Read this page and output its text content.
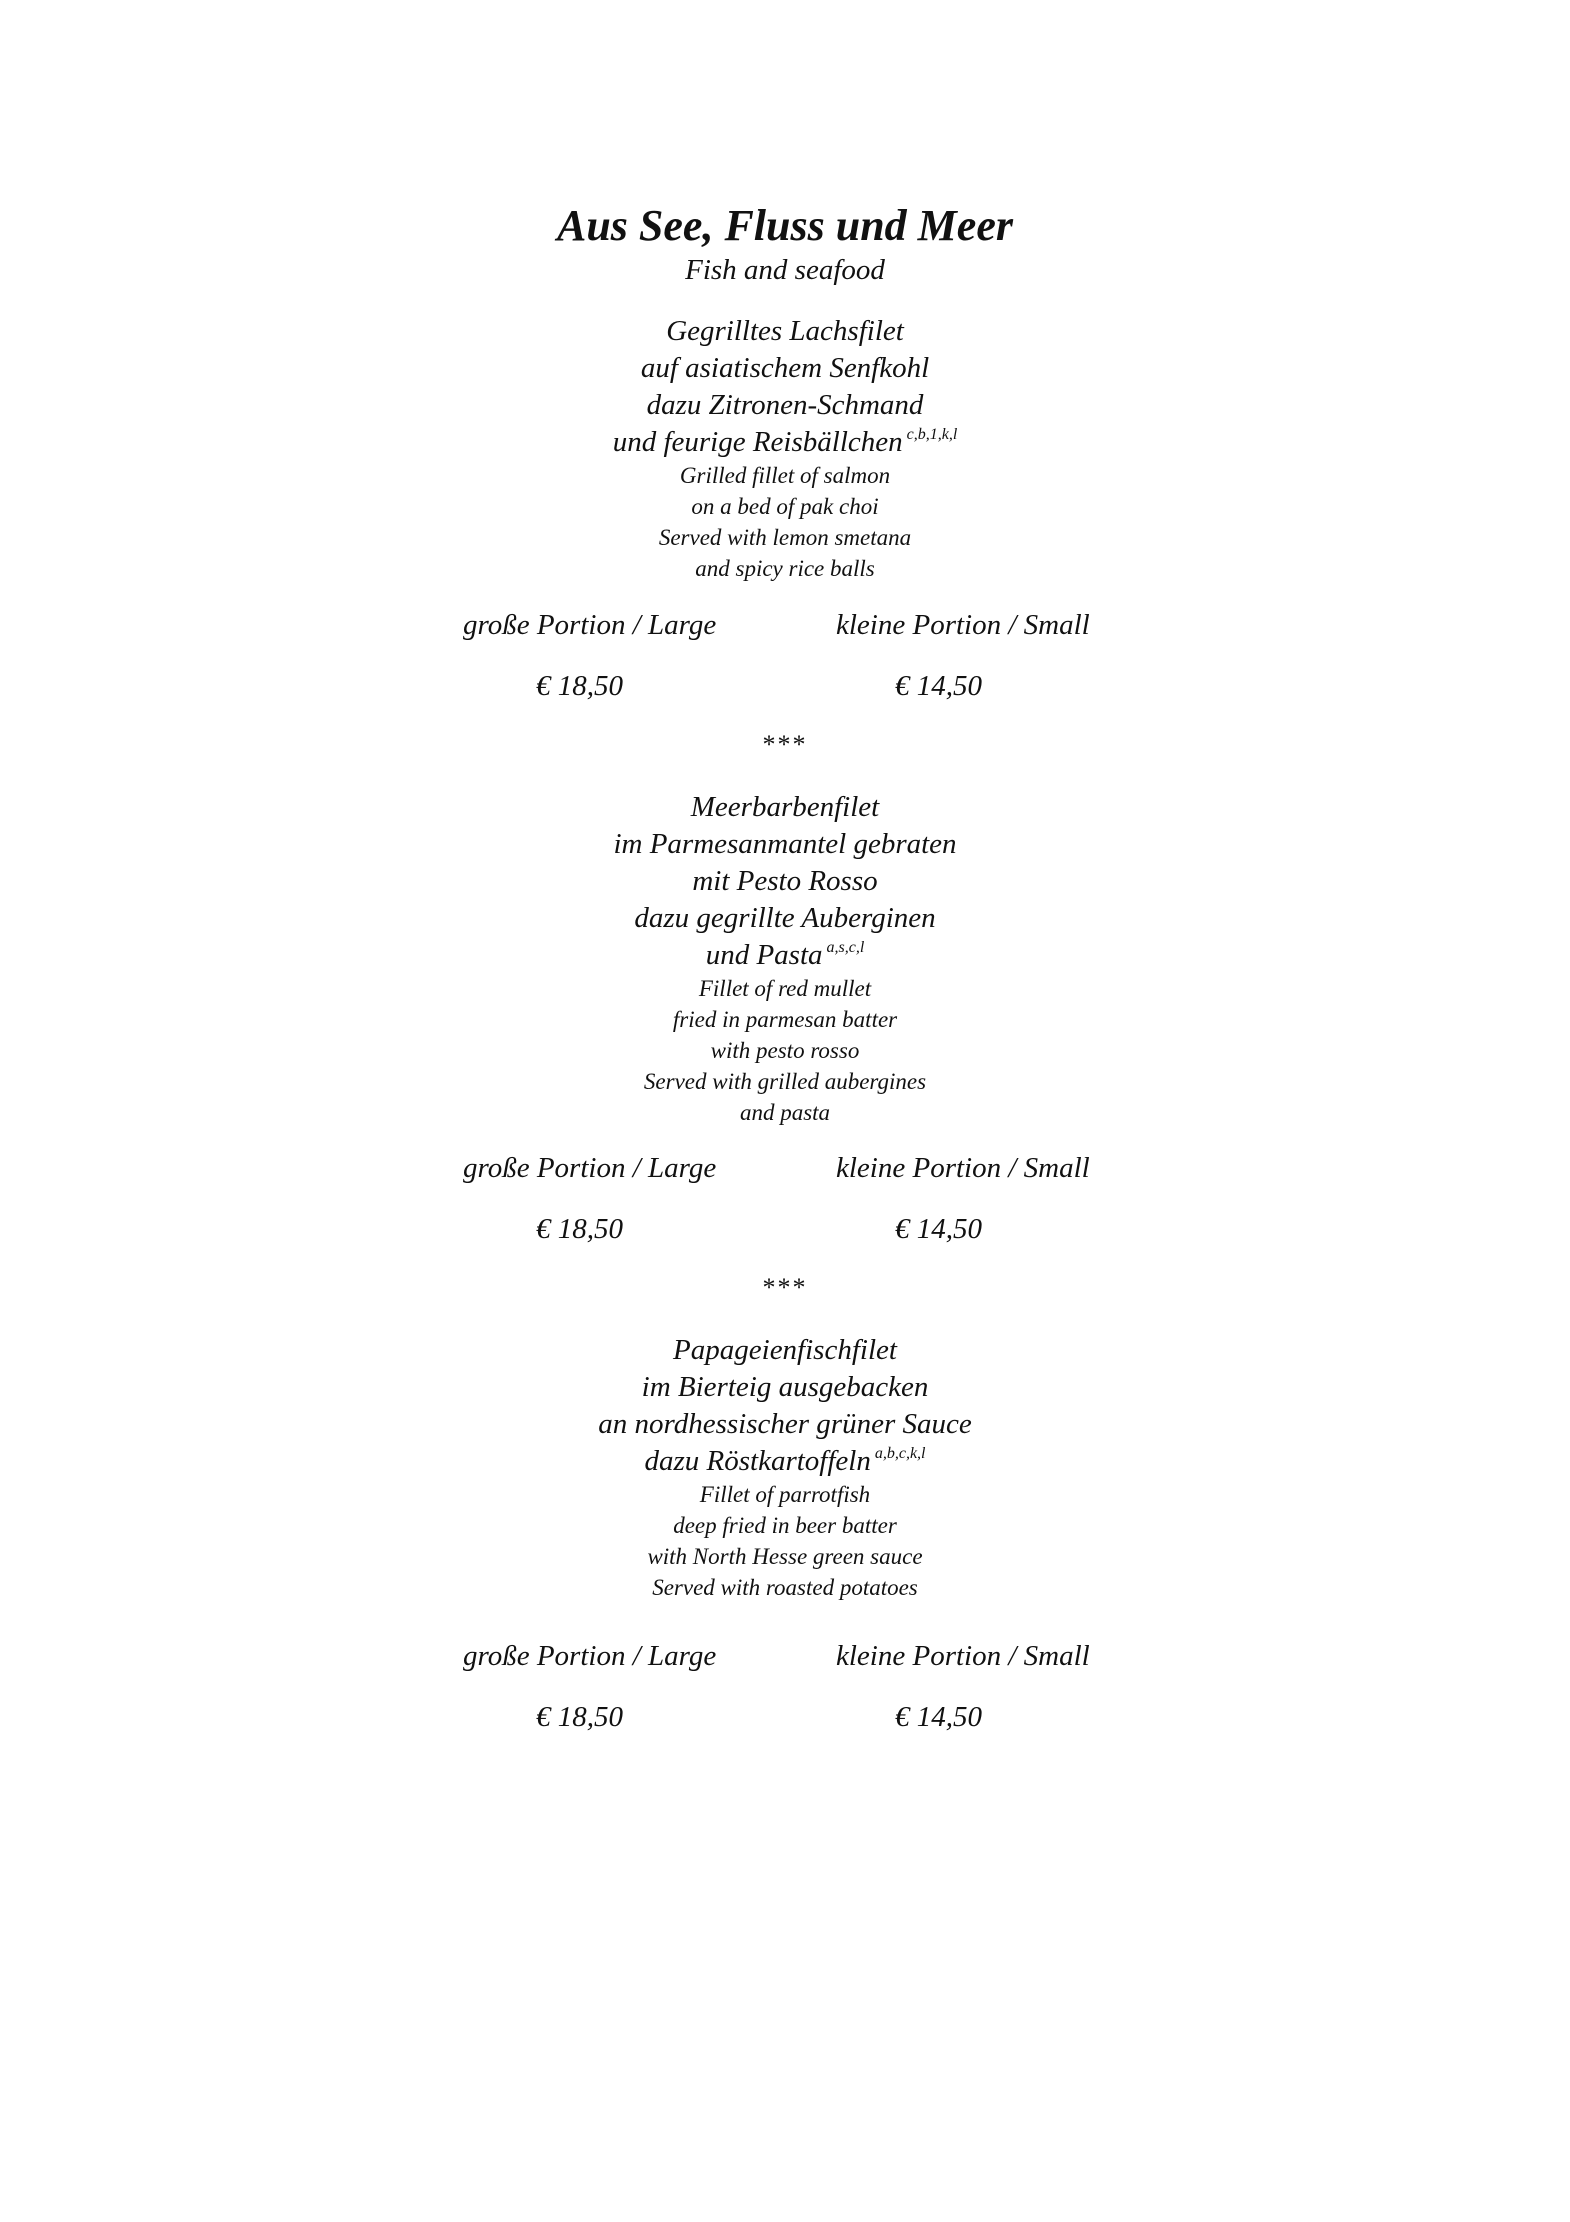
Aus See, Fluss und Meer
Fish and seafood
Gegrilltes Lachsfilet
auf asiatischem Senfkohl
dazu Zitronen-Schmand
und feurige Reisbällchen $^{c,b,1,k,l}$
Grilled fillet of salmon
on a bed of pak choi
Served with lemon smetana
and spicy rice balls
große Portion / Large	kleine Portion / Small
€ 18,50	€ 14,50
***
Meerbarbenfilet
im Parmesanmantel gebraten
mit Pesto Rosso
dazu gegrillte Auberginen
und Pasta $^{a,s,c,l}$
Fillet of red mullet
fried in parmesan batter
with pesto rosso
Served with grilled aubergines
and pasta
große Portion / Large	kleine Portion / Small
€ 18,50	€ 14,50
***
Papageienfischfilet
im Bierteig ausgebacken
an nordhessischer grüner Sauce
dazu Röstkartoffeln $^{a,b,c,k,l}$
Fillet of parrotfish
deep fried in beer batter
with North Hesse green sauce
Served with roasted potatoes
große Portion / Large	kleine Portion / Small
€ 18,50	€ 14,50
